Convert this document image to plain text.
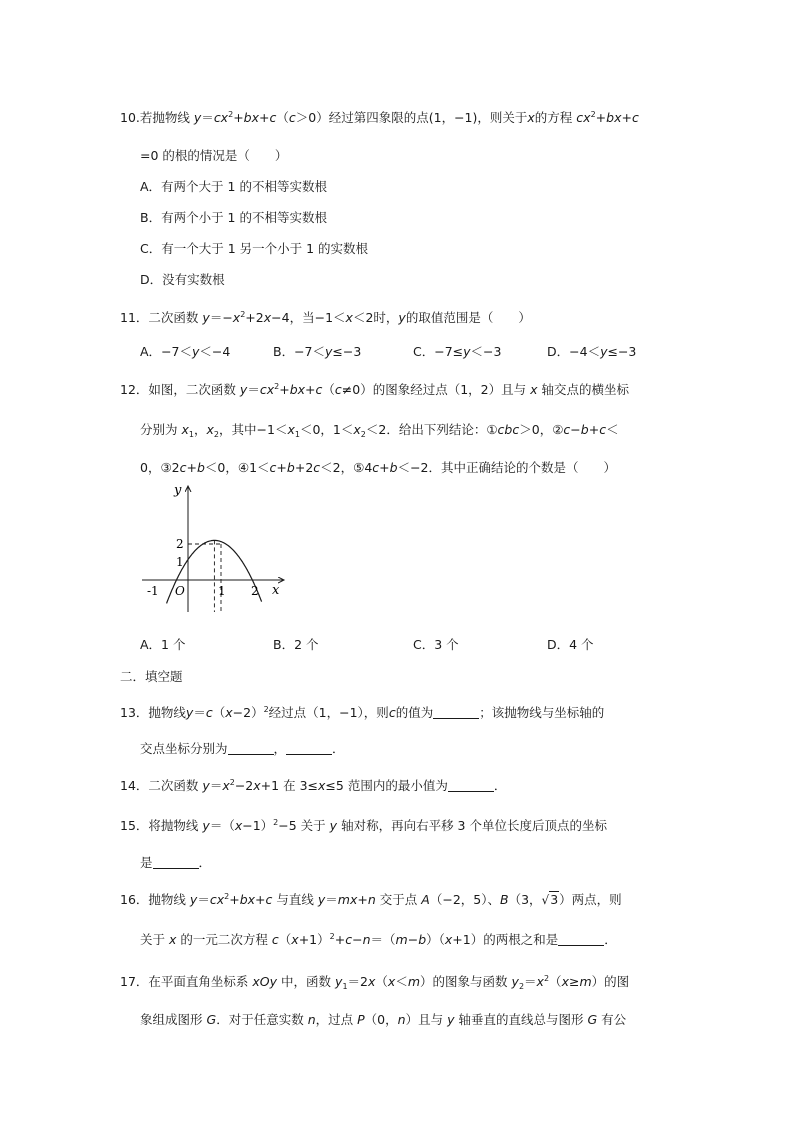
10.若抛物线 $y=cx^2+bx+c(c>0)$经过第四象限的点(1，−1)，则关于x的方程 $cx^2+bx+c$
=0 的根的情况是（　　）
A．有两个大于 1 的不相等实数根
B．有两个小于 1 的不相等实数根
C．有一个大于 1 另一个小于 1 的实数根
D．没有实数根
11．二次函数 $y=-x^2+2x-4$，当−1＜x＜2时，y的取值范围是（　　）
A．−7＜y＜−4	B．−7＜y≤−3	C．−7≤y＜−3	D．−4＜y≤−3
12．如图，二次函数 $y=cx^2+bx+c(c\ne 0)$的图象经过点（1，2）且与 x 轴交点的横坐标
分别为 $x_1$，$x_2$，其中$-1<x_1<0$，$1<x_2<2$．给出下列结论：①cbc＞0，②c−b+c＜
0，③2c+b＜0，④1＜c+b+2c＜2，⑤4c+b＜−2．其中正确结论的个数是（　　）
y
x
O
-1	1 2
1
2
A．1 个	B．2 个	C．3 个	D．4 个
二．填空题
13．抛物线$y=c(x-2)^2$经过点（1，−1），则c的值为	；该抛物线与坐标轴的
交点坐标分别为	，	．
14．二次函数 $y=x^2-2x+1$ 在 3≤x≤5 范围内的最小值为	．
15．将抛物线 $y=(x-1)^2-5$ 关于 y 轴对称，再向右平移 3 个单位长度后顶点的坐标
是	．
16．抛物线 $y=cx^2+bx+c$ 与直线 y＝mx+n 交于点 A（−2，5）、B（3，√3）两点，则
关于 x 的一元二次方程 $c(x+1)^2+c-n=(m-b)(x+1)$的两根之和是	．
17．在平面直角坐标系 xOy 中，函数 $y_1=2x(x<m)$的图象与函数 $y_2=x^2(x\ge m)$的图
象组成图形 G．对于任意实数 n，过点 P（0，n）且与 y 轴垂直的直线总与图形 G 有公
